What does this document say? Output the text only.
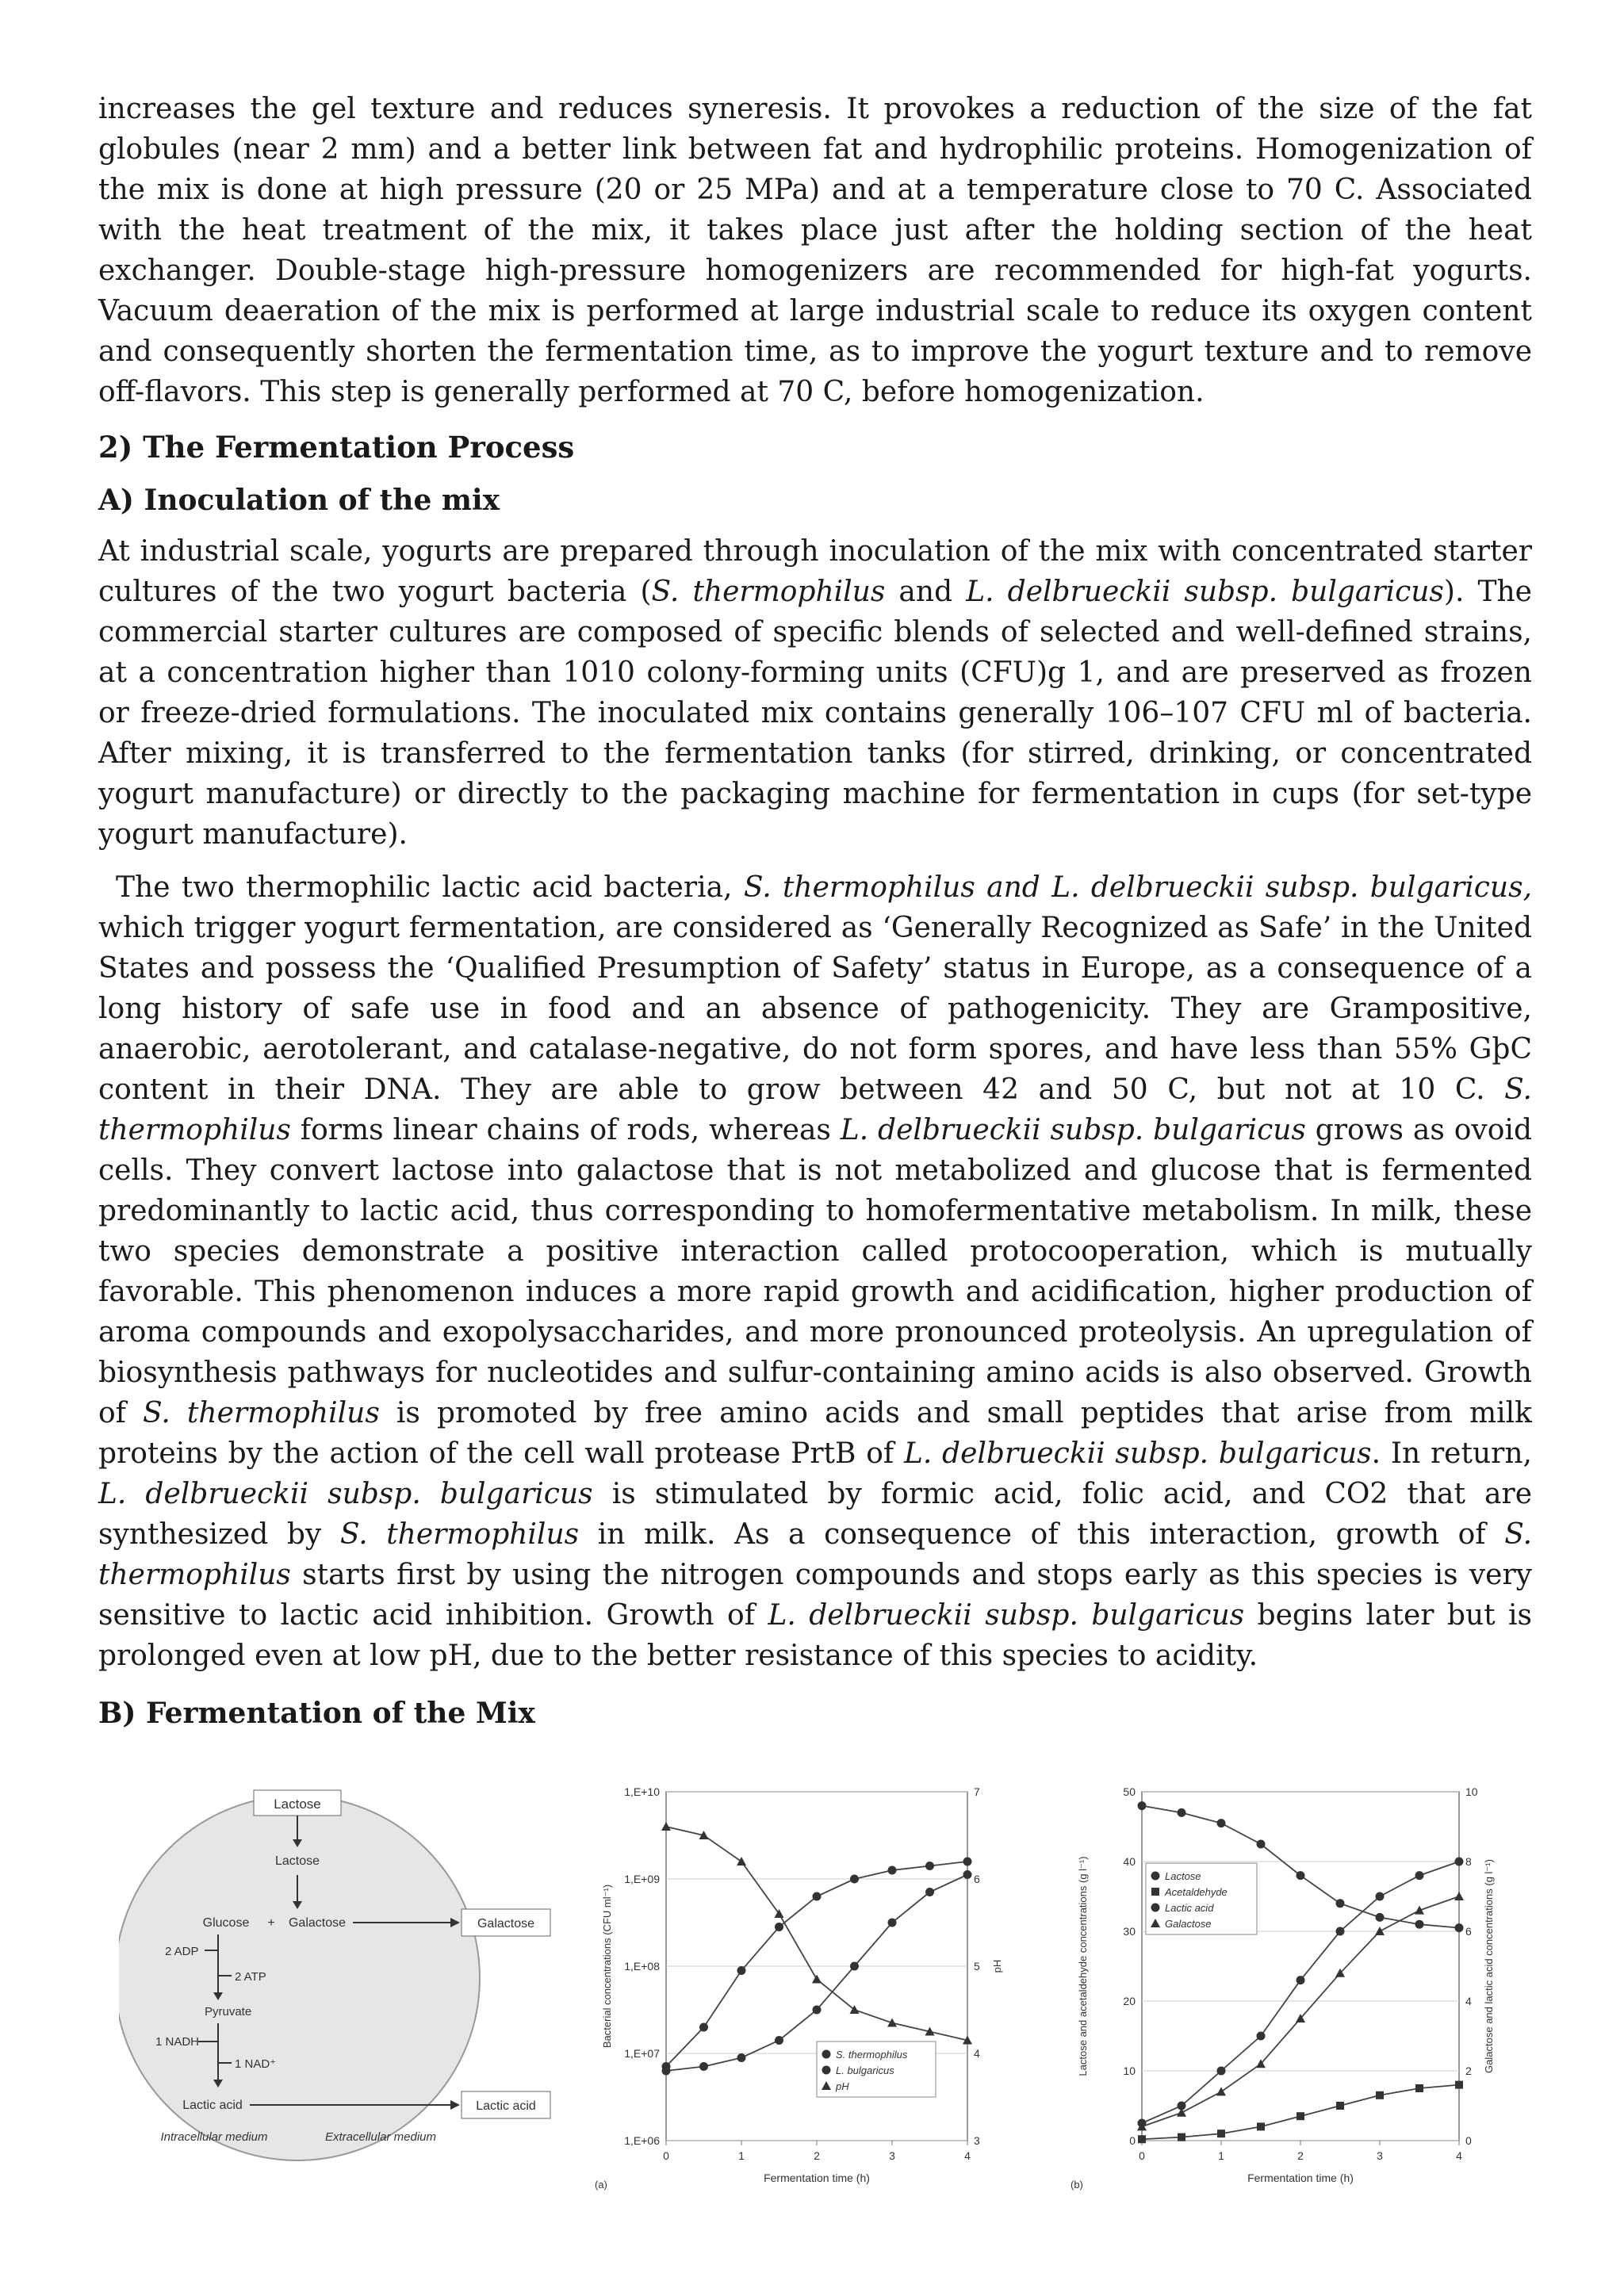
increases the gel texture and reduces syneresis. It provokes a reduction of the size of the fat globules (near 2 mm) and a better link between fat and hydrophilic proteins. Homogenization of the mix is done at high pressure (20 or 25 MPa) and at a temperature close to 70 C. Associated with the heat treatment of the mix, it takes place just after the holding section of the heat exchanger. Double-stage high-pressure homogenizers are recommended for high-fat yogurts. Vacuum deaeration of the mix is performed at large industrial scale to reduce its oxygen content and consequently shorten the fermentation time, as to improve the yogurt texture and to remove off-flavors. This step is generally performed at 70 C, before homogenization.

2) The Fermentation Process
A) Inoculation of the mix

At industrial scale, yogurts are prepared through inoculation of the mix with concentrated starter cultures of the two yogurt bacteria (S. thermophilus and L. delbrueckii subsp. bulgaricus). The commercial starter cultures are composed of specific blends of selected and well-defined strains, at a concentration higher than 1010 colony-forming units (CFU)g 1, and are preserved as frozen or freeze-dried formulations. The inoculated mix contains generally 106–107 CFU ml of bacteria. After mixing, it is transferred to the fermentation tanks (for stirred, drinking, or concentrated yogurt manufacture) or directly to the packaging machine for fermentation in cups (for set-type yogurt manufacture).

The two thermophilic lactic acid bacteria, S. thermophilus and L. delbrueckii subsp. bulgaricus, which trigger yogurt fermentation, are considered as ‘Generally Recognized as Safe’ in the United States and possess the ‘Qualified Presumption of Safety’ status in Europe, as a consequence of a long history of safe use in food and an absence of pathogenicity. They are Grampositive, anaerobic, aerotolerant, and catalase-negative, do not form spores, and have less than 55% GþC content in their DNA. They are able to grow between 42 and 50 C, but not at 10 C. S. thermophilus forms linear chains of rods, whereas L. delbrueckii subsp. bulgaricus grows as ovoid cells. They convert lactose into galactose that is not metabolized and glucose that is fermented predominantly to lactic acid, thus corresponding to homofermentative metabolism. In milk, these two species demonstrate a positive interaction called protocooperation, which is mutually favorable. This phenomenon induces a more rapid growth and acidification, higher production of aroma compounds and exopolysaccharides, and more pronounced proteolysis. An upregulation of biosynthesis pathways for nucleotides and sulfur-containing amino acids is also observed. Growth of S. thermophilus is promoted by free amino acids and small peptides that arise from milk proteins by the action of the cell wall protease PrtB of L. delbrueckii subsp. bulgaricus. In return, L. delbrueckii subsp. bulgaricus is stimulated by formic acid, folic acid, and CO2 that are synthesized by S. thermophilus in milk. As a consequence of this interaction, growth of S. thermophilus starts first by using the nitrogen compounds and stops early as this species is very sensitive to lactic acid inhibition. Growth of L. delbrueckii subsp. bulgaricus begins later but is prolonged even at low pH, due to the better resistance of this species to acidity.

B) Fermentation of the Mix
Lactose
Lactose
Glucose + Galactose	Galactose
2 ADP
2 ATP
Pyruvate
1 NADH
1 NAD⁺
Lactic acid	Lactic acid
Intracellular medium	Extracellular medium	1,E+06
1,E+07
1,E+08
1,E+09
1,E+10
3
4
5
6
7
0	1	2	3	4
Fermentation time (h)
Bacterial concentrations (CFU ml⁻¹)	pH
(a)
S. thermophilus
L. bulgaricus
pH
0
10
20
30
40
50
0
2
4
6
8
10
0	1	2	3	4
Fermentation time (h)
Lactose and acetaldehyde concentrations (g l⁻¹)	Galactose and lactic acid concentrations (g l⁻¹)
(b)
Lactose
Acetaldehyde
Lactic acid
Galactose
